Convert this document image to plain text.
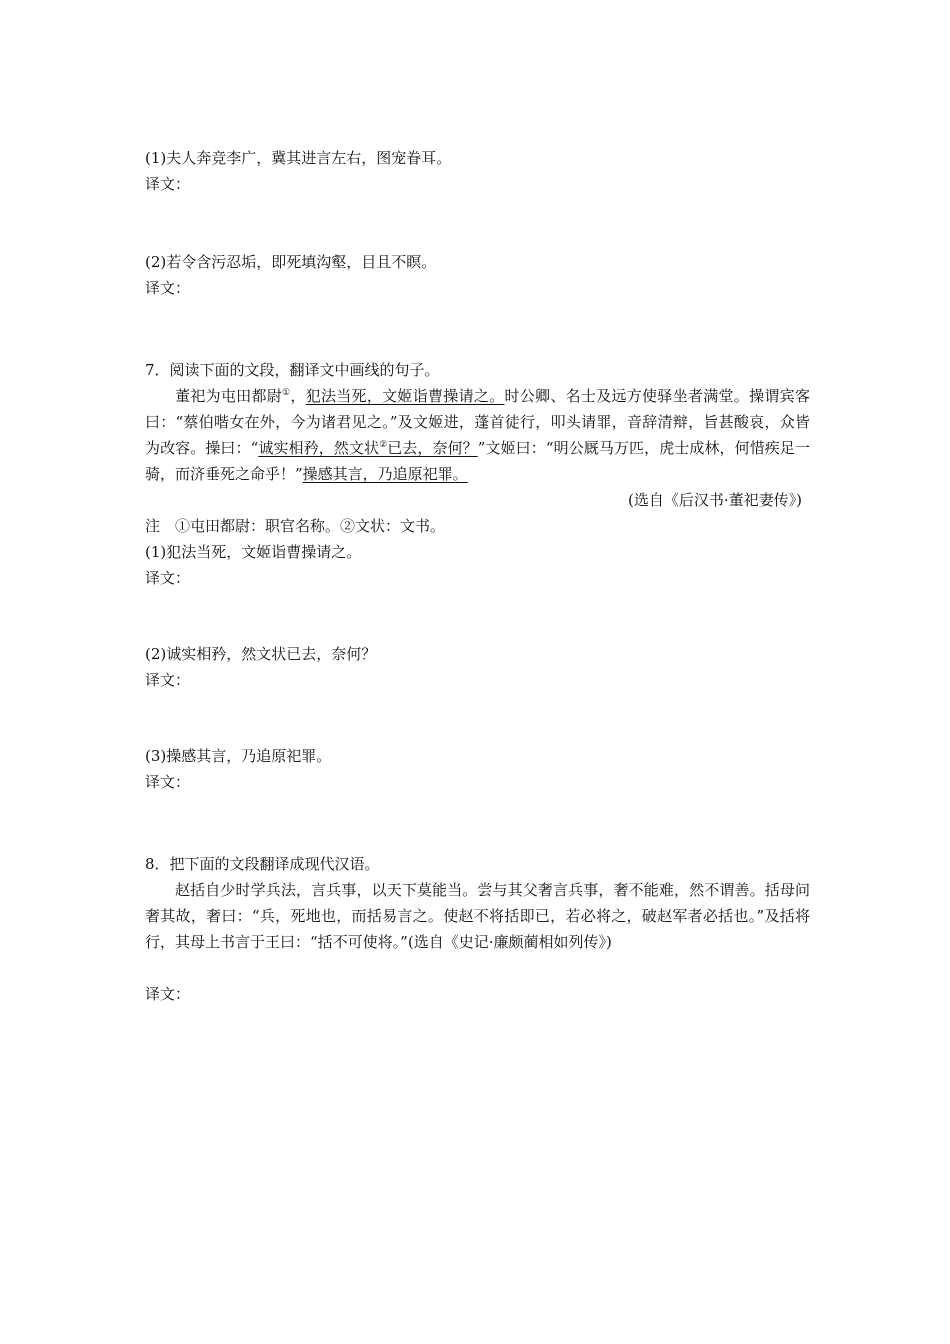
(1)夫人奔竞李广，冀其进言左右，图宠眷耳。
译文：
(2)若令含污忍垢，即死填沟壑，目且不瞑。
译文：
7．阅读下面的文段，翻译文中画线的句子。
董祀为屯田都尉①，犯法当死，文姬诣曹操请之。时公卿、名士及远方使驿坐者满堂。操谓宾客曰：“蔡伯喈女在外，今为诸君见之。”及文姬进，蓬首徒行，叩头请罪，音辞清辩，旨甚酸哀，众皆为改容。操曰：“诚实相矜，然文状②已去，奈何？”文姬曰：“明公厩马万匹，虎士成林，何惜疾足一骑，而济垂死之命乎！”操感其言，乃追原祀罪。
(选自《后汉书·董祀妻传》)
注　①屯田都尉：职官名称。②文状：文书。
(1)犯法当死，文姬诣曹操请之。
译文：
(2)诚实相矜，然文状已去，奈何？
译文：
(3)操感其言，乃追原祀罪。
译文：
8．把下面的文段翻译成现代汉语。
赵括自少时学兵法，言兵事，以天下莫能当。尝与其父奢言兵事，奢不能难，然不谓善。括母问奢其故，奢曰：“兵，死地也，而括易言之。使赵不将括即已，若必将之，破赵军者必括也。”及括将行，其母上书言于王曰：“括不可使将。”(选自《史记·廉颇蔺相如列传》)
译文：
